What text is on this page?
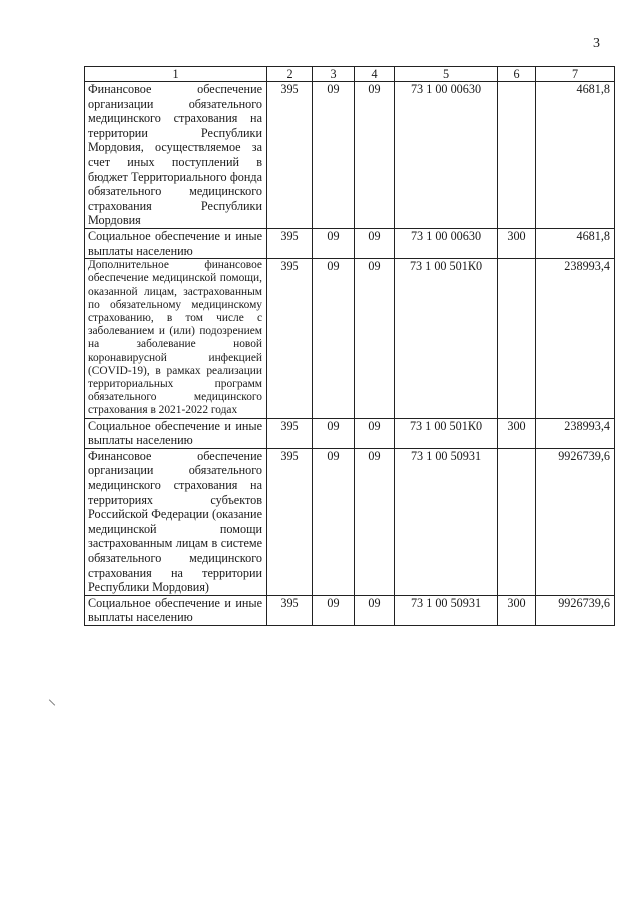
3
1	2	3	4	5	6	7
Финансовое обеспечение организации обязательного медицинского страхования на территории Республики Мордовия, осуществляемое за счет иных поступлений в бюджет Территориального фонда обязательного медицинского страхования Республики Мордовия	395	09	09	73 1 00 00630		4681,8
Социальное обеспечение и иные выплаты населению	395	09	09	73 1 00 00630	300	4681,8
Дополнительное финансовое обеспечение медицинской помощи, оказанной лицам, застрахованным по обязательному медицинскому страхованию, в том числе с заболеванием и (или) подозрением на заболевание новой коронавирусной инфекцией (COVID-19), в рамках реализации территориальных программ обязательного медицинского страхования в 2021-2022 годах	395	09	09	73 1 00 501К0		238993,4
Социальное обеспечение и иные выплаты населению	395	09	09	73 1 00 501К0	300	238993,4
Финансовое обеспечение организации обязательного медицинского страхования на территориях субъектов Российской Федерации (оказание медицинской помощи застрахованным лицам в системе обязательного медицинского страхования на территории Республики Мордовия)	395	09	09	73 1 00 50931		9926739,6
Социальное обеспечение и иные выплаты населению	395	09	09	73 1 00 50931	300	9926739,6
